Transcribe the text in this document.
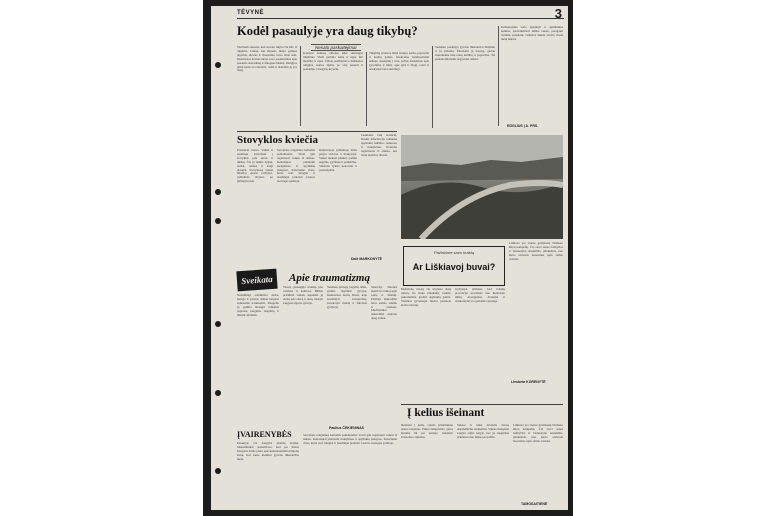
TĖVYNĖ	3
Kodėl pasaulyje yra daug tikybų?
Nesato paskaitėjimai
Slavinam sakome, kad sąvoka tikyba čia kilo iš tikėjimo. Laikai, kai žmonės tikėjo gamtos jėgomis, dievais ir dvasiomis, buvo labai seni. Kiekvienas kraštas turėjo savo pasakojimus apie pasaulio atsiradimą ir žmogaus likimą. Religijos gimė kartu su tautomis, todėl ir šiandien jų yra daug.
Įvairiose žemėse žmonės kūrė skirtingus tikėjimus. Vieni garbino saulę ir ugnį, kiti medžius ir upes. Vėliau susiformavo didžiosios religijos, kurios išplito po visą pasaulį ir pasidalijo į daugybę krypčių.
Tikėjimų įvairovę lėmė istorija, kalba, papročiai ir kraštų gamta. Kiekviena bendruomenė ieškojo atsakymų į tuos pačius klausimus apie gyvenimą ir mirtį, apie gėrį ir blogį, todėl ir atsakymai buvo skirtingi.
Šiandien pasaulyje gyvena tūkstančiai tikėjimų ir jų atmainų. Žinodami jų istoriją, geriau suprantame kitų tautų kultūrą ir papročius. Tai padeda žmonėms sugyventi taikiai.
Keliautojams verta aplankyti ir aplinkinius kaimus, pasivaikščioti miško takais, paragauti vietinių patiekalų. Liškiava laukia svečių visais metų laikais.
RŪGLIUS Į A. PRS.
Stovyklos kviečia
Prasideda vasara. Vaikai ir jaunimas kviečiami į stovyklas prie ežerų ir miškų. Čia jų laukia žygiai, laužai, dainos ir nauji draugai. Stovyklose veikia būreliai, sporto varžybos, pažintinės išvykos po gimtąjį kraštą.
Stovyklos rengiamos keliomis pamainomis. Tėvai gali registruoti vaikus iš anksto. Kelialapiai platinami mokyklose ir apylinkių įstaigose. Kviečiame visus, kurie nori smagiai ir naudingai praleisti vasaros atostogas gamtoje.
Kiekvienoje pamainoje dirba patyrę vadovai ir mokytojai. Vaikai mokosi plaukti, pažinti augalus, gyvūnus ir paukščius. Vakarais vyksta koncertai ir pasirodymai.
Laukiame visų norinčių. Išsami informacija teikiama apylinkių kultūros namuose ir mokyklose. Prašome registruotis iš anksto, nes vietų skaičius ribotas.
Dalė MARKONYTĖ
Pažinkime savo kraštą
Ar Liškiavoj buvai?
Liškiava yra vienas gražiausių Nemuno kilpų kampelių. Čia stovi senas bažnyčios ir vienuolyno ansamblis, piliakalnis, nuo kurio atsiveria nuostabus upės slėnio vaizdas.
Kiekvieną vasarą čia atvyksta daug turistų. Jie lanko piliakalnį, vaikšto pakrantėmis, grožisi apylinkių gamta. Vietiniai gyventojai mielai pasakoja krašto istoriją.
Gydytojai primena, kad traumų prevencija prasideda nuo kiekvieno mūsų. Atsargumas, drausmė ir atsakomybė yra geriausia apsauga.
Liesbeta KORENYTĖ
Sveikata	Apie traumatizmą
Nelaimingi atsitikimai darbe, buityje ir gatvėje dažnai baigiasi sunkiomis traumomis. Daugelio jų galima išvengti laikantis paprastų saugumo taisyklių ir būnant atidiems.
Vasarą padaugėja traumų prie vandens ir keliuose. Būtina prižiūrėti vaikus, nepalikti jų vienų prie ežerų ir upių, mokyti saugaus elgesio gatvėje.
Suteikus pirmąją pagalbą laiku, galima išgelbėti gyvybę. Kiekvienas turėtų žinoti, kaip sustabdyti kraujavimą, sutvarstyti žaizdą ir iškviesti gydytoją.
Senovėje žmonės skaičiavo laiką pagal saulę ir mėnulį. Pirmieji laikrodžiai buvo saulės, smėlio ir vandens. Mechaniniai laikrodžiai atsirado daug vėliau.
Paulius ČEKIENINAS
ĮVAIRENYBĖS
Pasaulyje yra daugybė įdomių dalykų. Mokslininkai apskaičiavo, kad per metus žmogaus širdis plaka apie keturiasdešimt milijonų kartų. Kai kurie medžiai gyvena tūkstančius metų.
Stovyklos rengiamos keliomis pamainomis. Tėvai gali registruoti vaikus iš anksto. Kelialapiai platinami mokyklose ir apylinkių įstaigose. Kviečiame visus, kurie nori smagiai ir naudingai praleisti vasaros atostogas gamtoje.
Į kelius išeinant
Išeidami į kelią, visada prisiminkite eismo taisykles. Eikite šaligatviais, gatvę kirskite tik per perėjas, stebėkite šviesoforo signalus.
Vakare ir naktį dėvėkite šviesą atspindinčius elementus. Vaikus mokykite saugiai elgtis kelyje, nes jų saugumas priklauso nuo mūsų pavyzdžio.
Liškiava yra vienas gražiausių Nemuno kilpų kampelių. Čia stovi senas bažnyčios ir vienuolyno ansamblis, piliakalnis, nuo kurio atsiveria nuostabus upės slėnio vaizdas.
TAMOSAITIENĖ
